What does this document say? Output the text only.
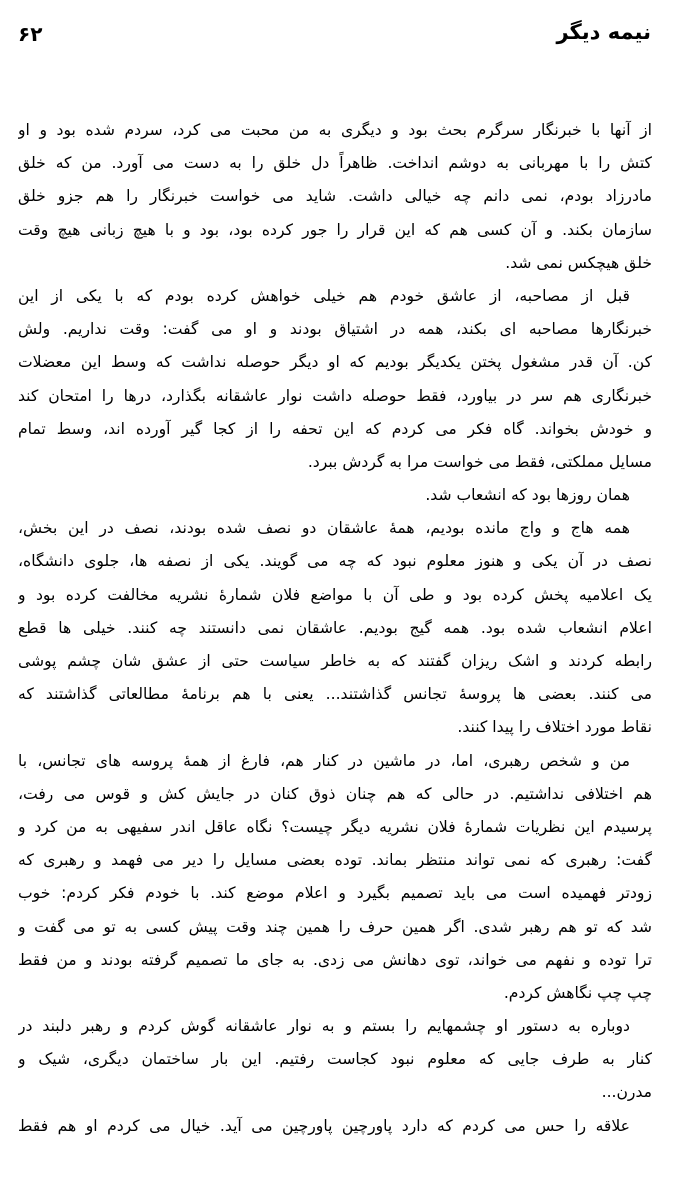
نیمه دیگر
۶۲
از آنها با خبرنگار سرگرم بحث بود و دیگری به من محبت می کرد، سردم شده بود و او
کتش را با مهربانی به دوشم انداخت. ظاهراً دل خلق را به دست می آورد. من که خلق
مادرزاد بودم، نمی دانم چه خیالی داشت. شاید می خواست خبرنگار را هم جزو خلق
سازمان بکند. و آن کسی هم که این قرار را جور کرده بود، بود و با هیچ زبانی هیچ وقت
خلق هیچکس نمی شد.
قبل از مصاحبه، از عاشق خودم هم خیلی خواهش کرده بودم که با یکی از این
خبرنگارها مصاحبه ای بکند، همه در اشتیاق بودند و او می گفت: وقت نداریم. ولش
کن. آن قدر مشغول پختن یکدیگر بودیم که او دیگر حوصله نداشت که وسط این معضلات
خبرنگاری هم سر در بیاورد، فقط حوصله داشت نوار عاشقانه بگذارد، درها را امتحان کند
و خودش بخواند. گاه فکر می کردم که این تحفه را از کجا گیر آورده اند، وسط تمام
مسایل مملکتی، فقط می خواست مرا به گردش ببرد.
همان روزها بود که انشعاب شد.
همه هاج و واج مانده بودیم، همهٔ عاشقان دو نصف شده بودند، نصف در این بخش،
نصف در آن یکی و هنوز معلوم نبود که چه می گویند. یکی از نصفه ها، جلوی دانشگاه،
یک اعلامیه پخش کرده بود و طی آن با مواضع فلان شمارهٔ نشریه مخالفت کرده بود و
اعلام انشعاب شده بود. همه گیج بودیم. عاشقان نمی دانستند چه کنند. خیلی ها قطع
رابطه کردند و اشک ریزان گفتند که به خاطر سیاست حتی از عشق شان چشم پوشی
می کنند. بعضی ها پروسهٔ تجانس گذاشتند... یعنی با هم برنامهٔ مطالعاتی گذاشتند که
نقاط مورد اختلاف را پیدا کنند.
من و شخص رهبری، اما، در ماشین در کنار هم، فارغ از همهٔ پروسه های تجانس، با
هم اختلافی نداشتیم. در حالی که هم چنان ذوق کنان در جایش کش و قوس می رفت،
پرسیدم این نظریات شمارهٔ فلان نشریه دیگر چیست؟ نگاه عاقل اندر سفیهی به من کرد و
گفت: رهبری که نمی تواند منتظر بماند. توده بعضی مسایل را دیر می فهمد و رهبری که
زودتر فهمیده است می باید تصمیم بگیرد و اعلام موضع کند. با خودم فکر کردم: خوب
شد که تو هم رهبر شدی. اگر همین حرف را همین چند وقت پیش کسی به تو می گفت و
ترا توده و نفهم می خواند، توی دهانش می زدی. به جای ما تصمیم گرفته بودند و من فقط
چپ چپ نگاهش کردم.
دوباره به دستور او چشمهایم را بستم و به نوار عاشقانه گوش کردم و رهبر دلبند در
کنار به طرف جایی که معلوم نبود کجاست رفتیم. این بار ساختمان دیگری، شیک و
مدرن...
علاقه را حس می کردم که دارد پاورچین پاورچین می آید. خیال می کردم او هم فقط
